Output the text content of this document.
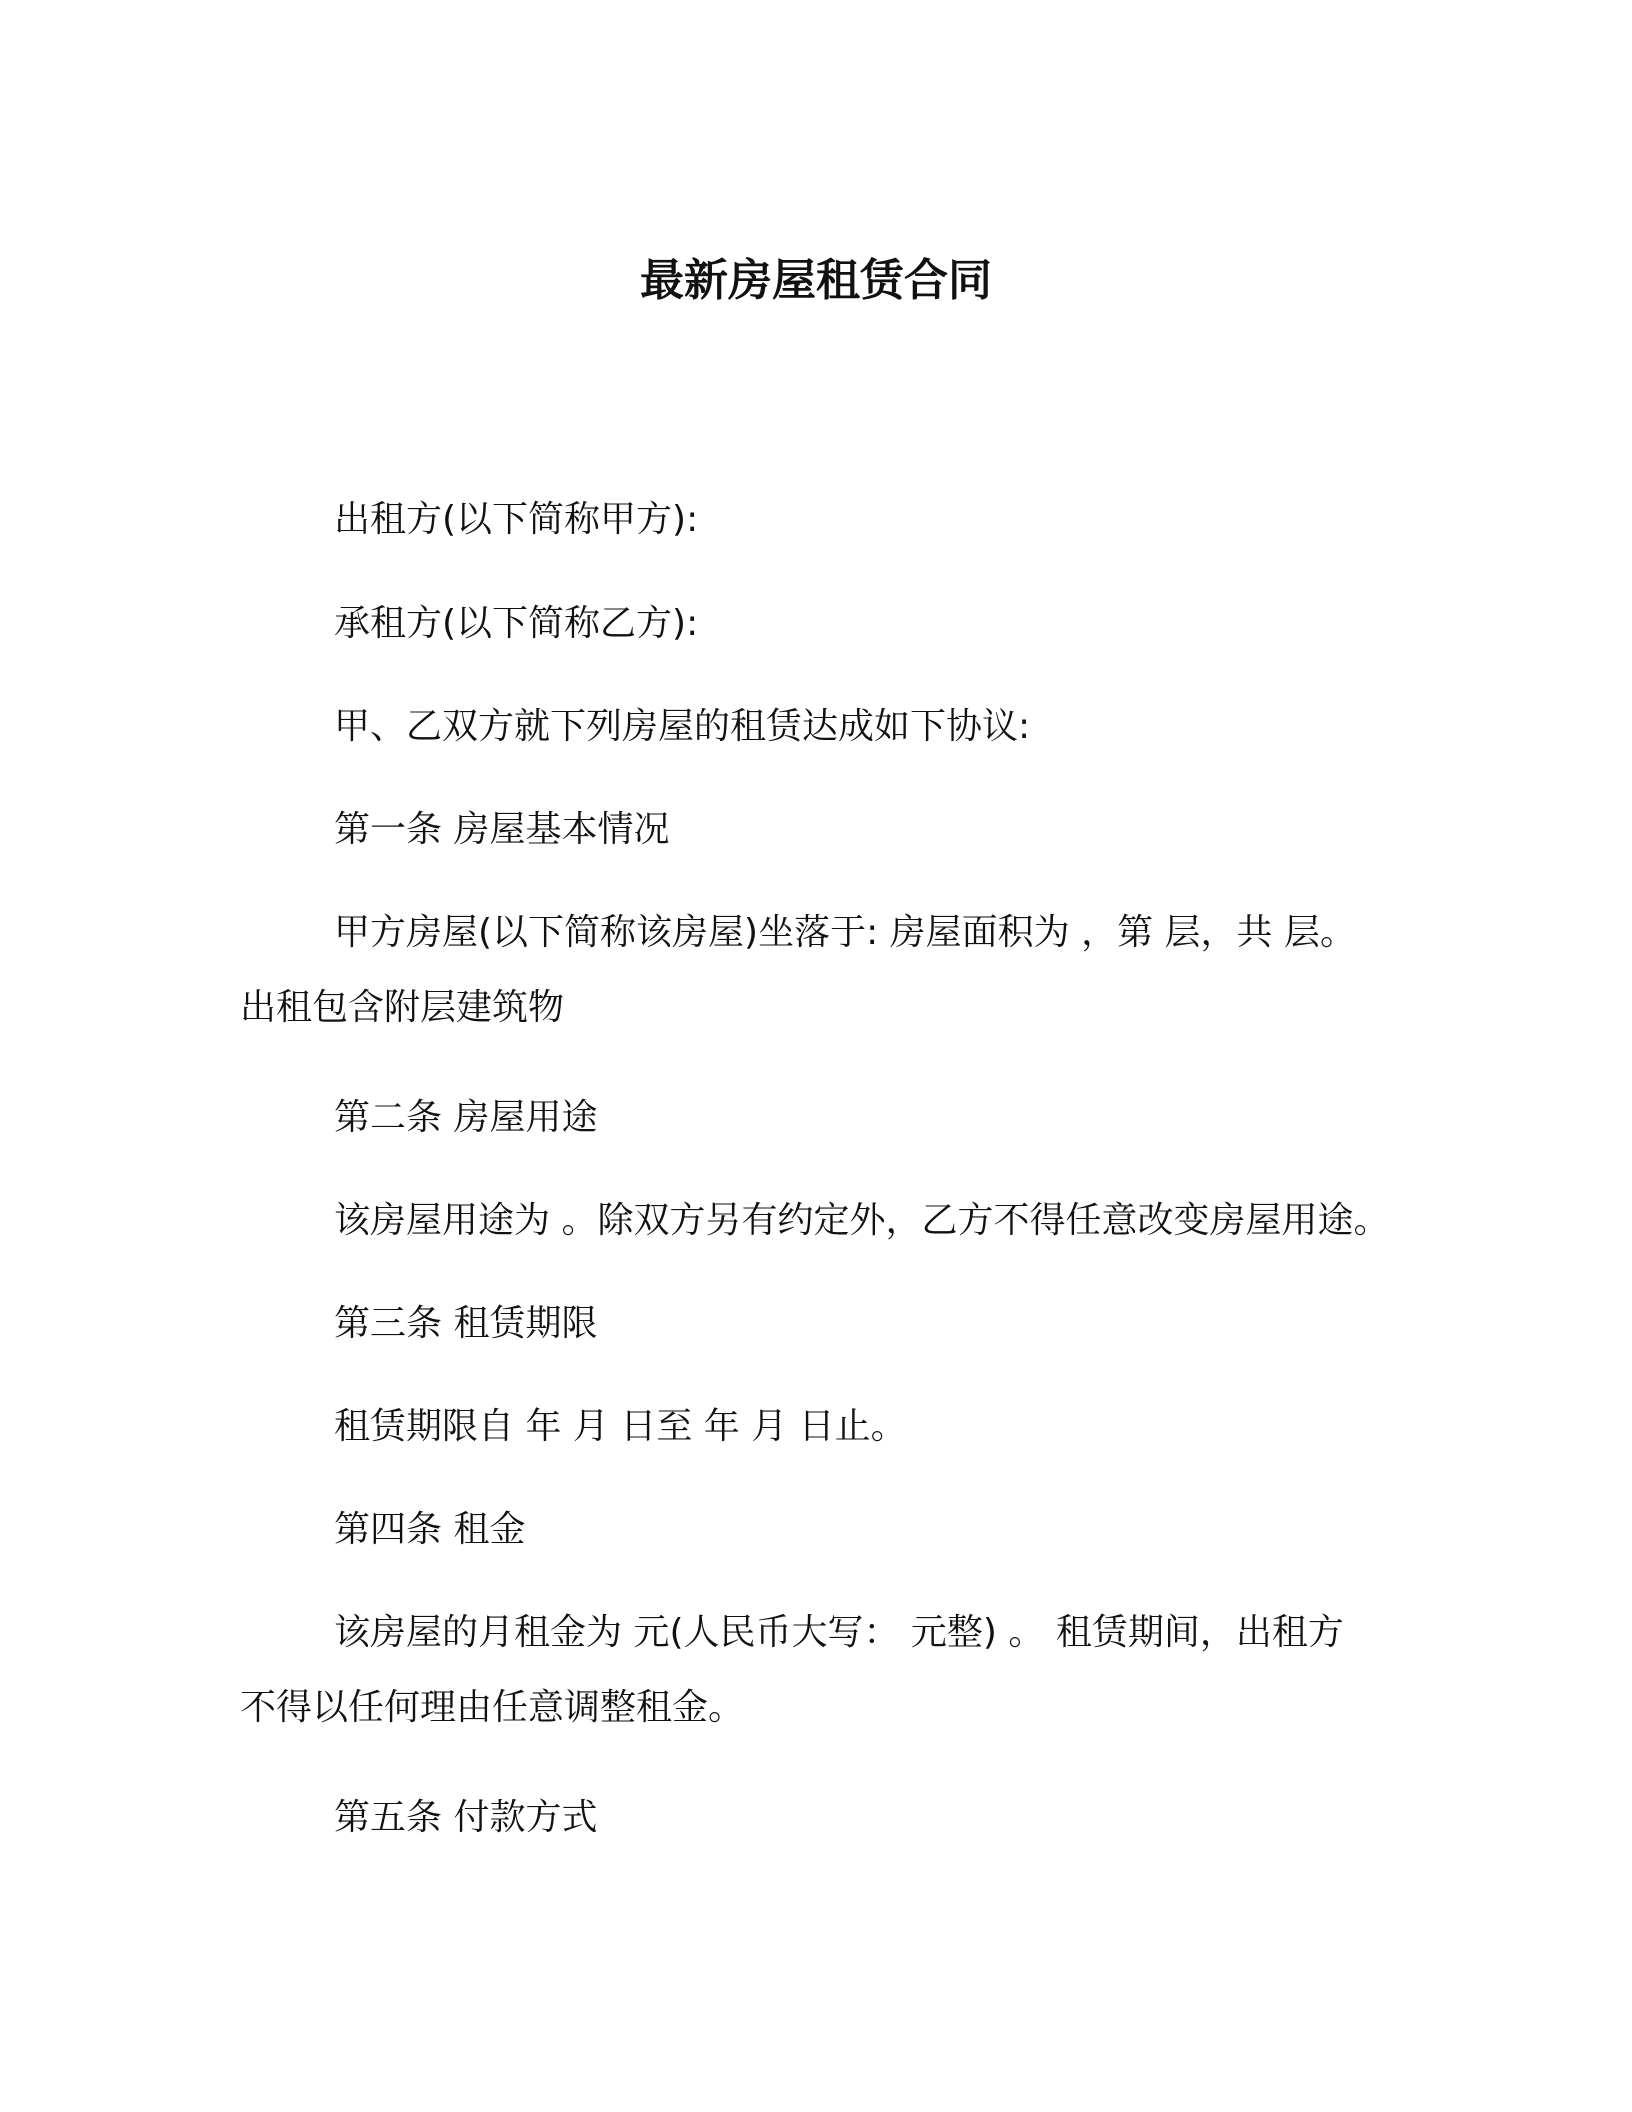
最新房屋租赁合同

出租方(以下简称甲方):

承租方(以下简称乙方):

甲、乙双方就下列房屋的租赁达成如下协议:

第一条 房屋基本情况

甲方房屋(以下简称该房屋)坐落于: 房屋面积为 ，第 层，共 层。

出租包含附层建筑物

第二条 房屋用途

该房屋用途为 。除双方另有约定外，乙方不得任意改变房屋用途。

第三条 租赁期限

租赁期限自 年 月 日至 年 月 日止。

第四条 租金

该房屋的月租金为 元(人民币大写： 元整) 。 租赁期间，出租方

不得以任何理由任意调整租金。

第五条 付款方式
